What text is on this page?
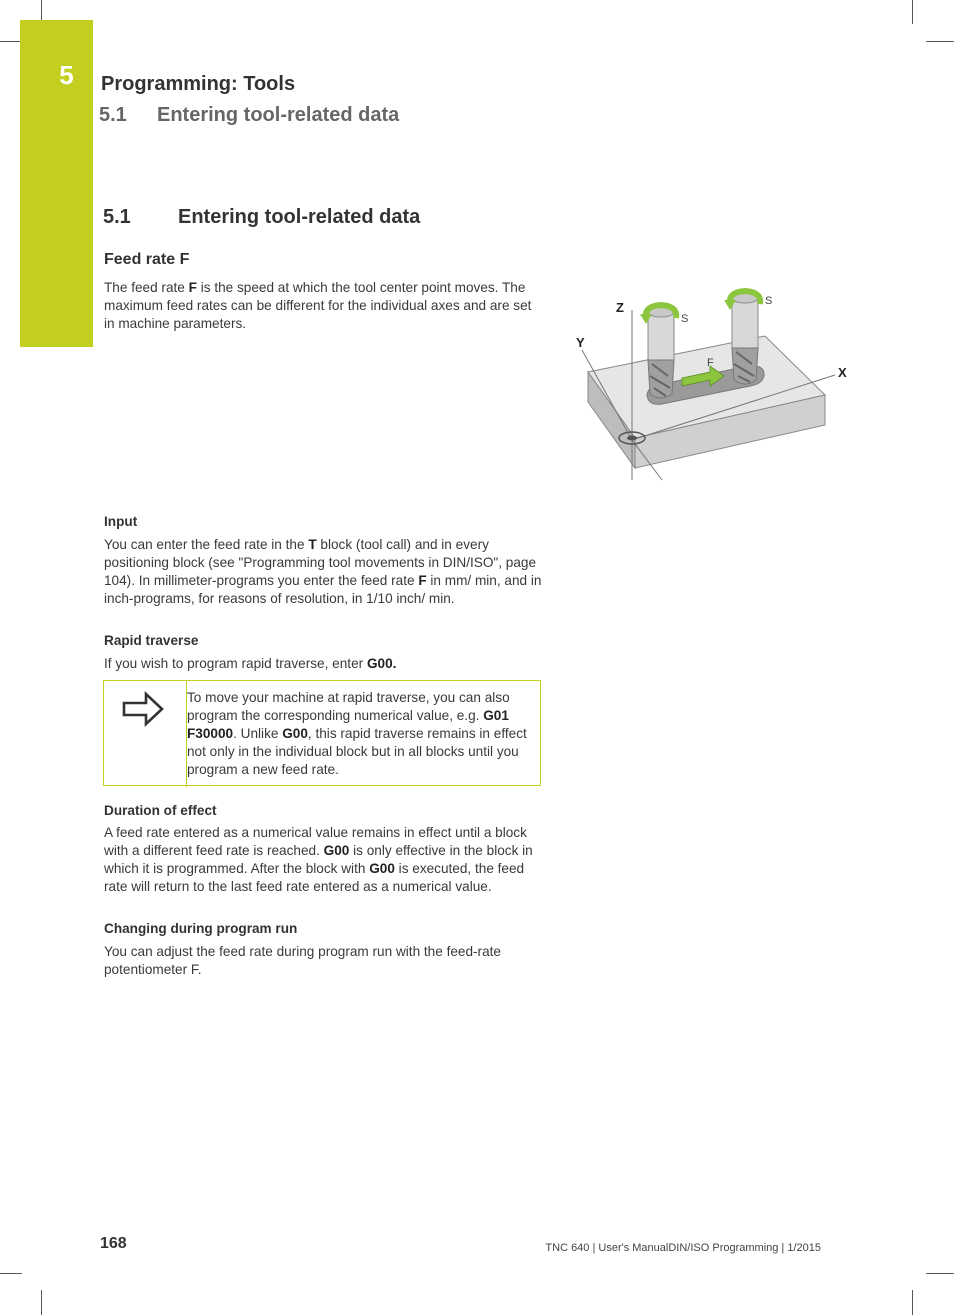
5	Programming: Tools
5.1 Entering tool-related data
5.1 Entering tool-related data
Feed rate F
The feed rate F is the speed at which the tool center point moves. The maximum feed rates can be different for the individual axes and are set in machine parameters.
Z
Y
X
S
S
F
Input
You can enter the feed rate in the T block (tool call) and in every positioning block (see "Programming tool movements in DIN/ISO", page 104). In millimeter-programs you enter the feed rate F in mm/ min, and in inch-programs, for reasons of resolution, in 1/10 inch/ min.
Rapid traverse
If you wish to program rapid traverse, enter G00.
To move your machine at rapid traverse, you can also program the corresponding numerical value, e.g. G01 F30000. Unlike G00, this rapid traverse remains in effect not only in the individual block but in all blocks until you program a new feed rate.
Duration of effect
A feed rate entered as a numerical value remains in effect until a block with a different feed rate is reached. G00 is only effective in the block in which it is programmed. After the block with G00 is executed, the feed rate will return to the last feed rate entered as a numerical value.
Changing during program run
You can adjust the feed rate during program run with the feed-rate potentiometer F.
168	TNC 640 | User's ManualDIN/ISO Programming | 1/2015
